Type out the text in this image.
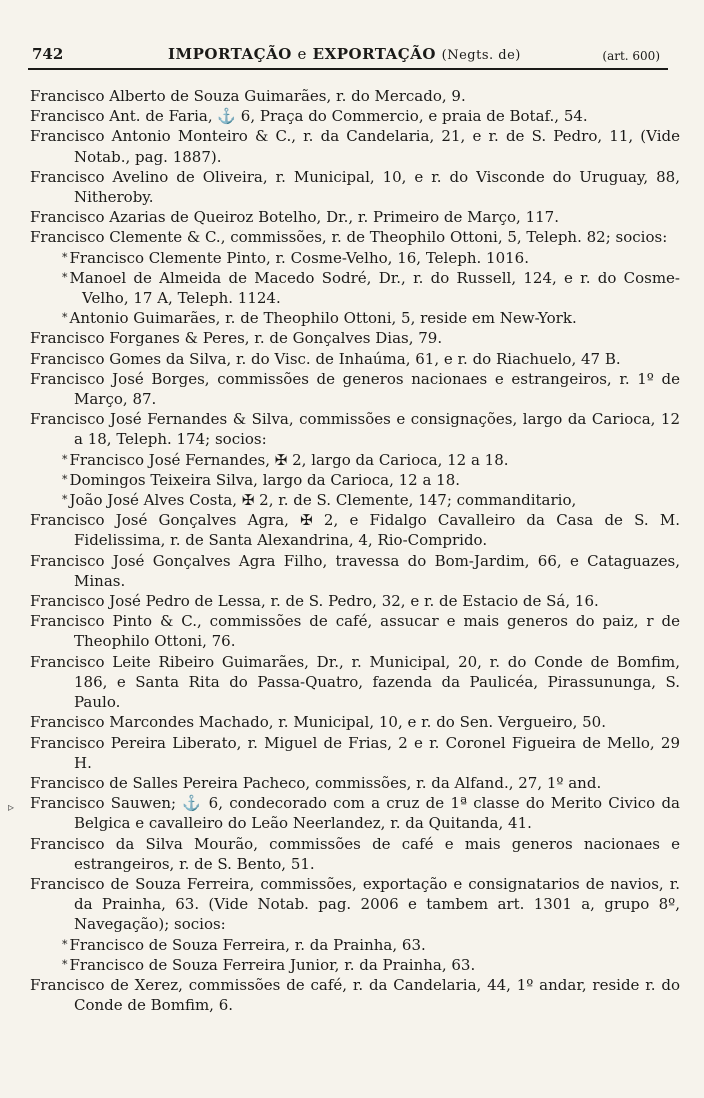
742	IMPORTAÇÃO e EXPORTAÇÃO (Negts. de)	(art. 600)
▹

Francisco Alberto de Souza Guimarães, r. do Mercado, 9.

Francisco Ant. de Faria, ⚓ 6, Praça do Commercio, e praia de Botaf., 54.

Francisco Antonio Monteiro & C., r. da Candelaria, 21, e r. de S. Pedro, 11, (Vide Notab., pag. 1887).

Francisco Avelino de Oliveira, r. Municipal, 10, e r. do Visconde do Uruguay, 88, Nitheroby.

Francisco Azarias de Queiroz Botelho, Dr., r. Primeiro de Março, 117.

Francisco Clemente & C., commissões, r. de Theophilo Ottoni, 5, Teleph. 82; socios:

* Francisco Clemente Pinto, r. Cosme-Velho, 16, Teleph. 1016.

* Manoel de Almeida de Macedo Sodré, Dr., r. do Russell, 124, e r. do Cosme-Velho, 17 A, Teleph. 1124.

* Antonio Guimarães, r. de Theophilo Ottoni, 5, reside em New-York.

Francisco Forganes & Peres, r. de Gonçalves Dias, 79.

Francisco Gomes da Silva, r. do Visc. de Inhaúma, 61, e r. do Riachuelo, 47 B.

Francisco José Borges, commissões de generos nacionaes e estrangeiros, r. 1º de Março, 87.

Francisco José Fernandes & Silva, commissões e consignações, largo da Carioca, 12 a 18, Teleph. 174; socios:

* Francisco José Fernandes, ✠ 2, largo da Carioca, 12 a 18.

* Domingos Teixeira Silva, largo da Carioca, 12 a 18.

* João José Alves Costa, ✠ 2, r. de S. Clemente, 147; commanditario,

Francisco José Gonçalves Agra, ✠ 2, e Fidalgo Cavalleiro da Casa de S. M. Fidelissima, r. de Santa Alexandrina, 4, Rio-Comprido.

Francisco José Gonçalves Agra Filho, travessa do Bom-Jardim, 66, e Cataguazes, Minas.

Francisco José Pedro de Lessa, r. de S. Pedro, 32, e r. de Estacio de Sá, 16.

Francisco Pinto & C., commissões de café, assucar e mais generos do paiz, r de Theophilo Ottoni, 76.

Francisco Leite Ribeiro Guimarães, Dr., r. Municipal, 20, r. do Conde de Bomfim, 186, e Santa Rita do Passa-Quatro, fazenda da Paulicéa, Pirassununga, S. Paulo.

Francisco Marcondes Machado, r. Municipal, 10, e r. do Sen. Vergueiro, 50.

Francisco Pereira Liberato, r. Miguel de Frias, 2 e r. Coronel Figueira de Mello, 29 H.

Francisco de Salles Pereira Pacheco, commissões, r. da Alfand., 27, 1º and.

Francisco Sauwen; ⚓ 6, condecorado com a cruz de 1ª classe do Merito Civico da Belgica e cavalleiro do Leão Neerlandez, r. da Quitanda, 41.

Francisco da Silva Mourão, commissões de café e mais generos nacionaes e estrangeiros, r. de S. Bento, 51.

Francisco de Souza Ferreira, commissões, exportação e consignatarios de navios, r. da Prainha, 63. (Vide Notab. pag. 2006 e tambem art. 1301 a, grupo 8º, Navegação); socios:

* Francisco de Souza Ferreira, r. da Prainha, 63.

* Francisco de Souza Ferreira Junior, r. da Prainha, 63.

Francisco de Xerez, commissões de café, r. da Candelaria, 44, 1º andar, reside r. do Conde de Bomfim, 6.
